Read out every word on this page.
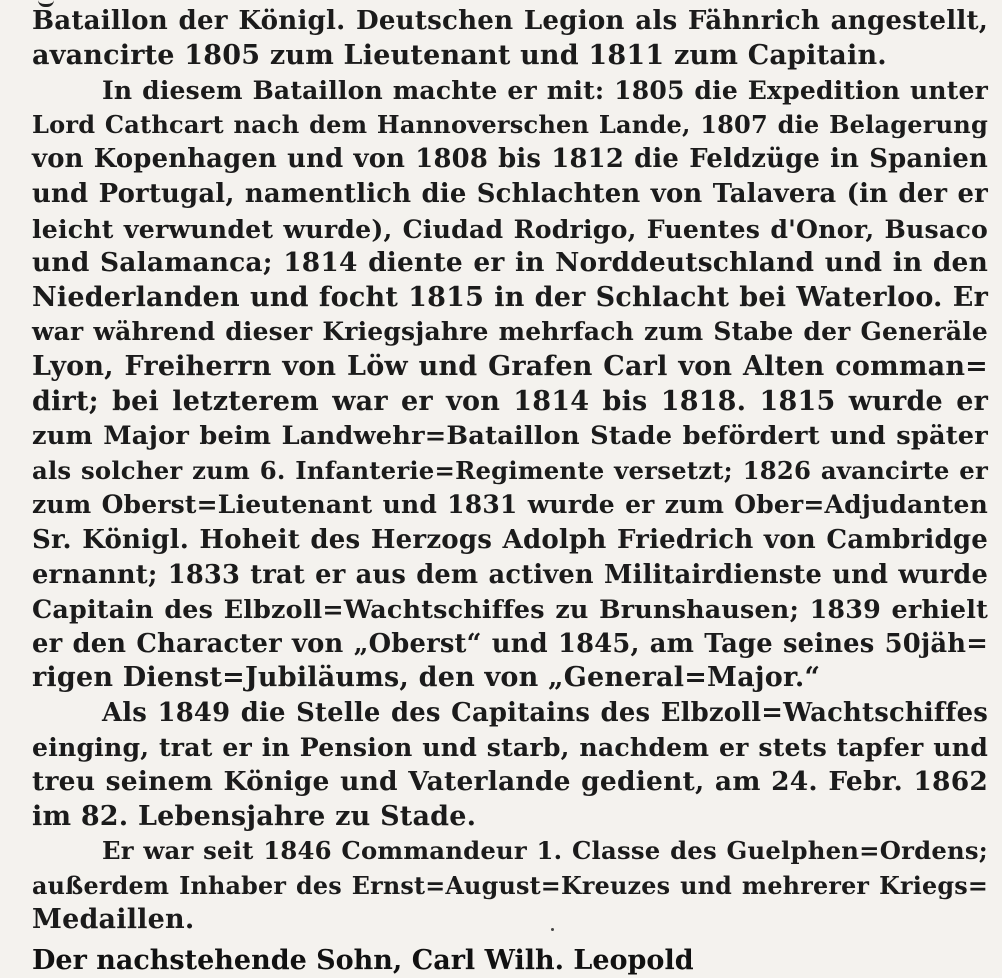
Bataillon der Königl. Deutschen Legion als Fähnrich angestellt,
avancirte 1805 zum Lieutenant und 1811 zum Capitain.
In diesem Bataillon machte er mit: 1805 die Expedition unter
Lord Cathcart nach dem Hannoverschen Lande, 1807 die Belagerung
von Kopenhagen und von 1808 bis 1812 die Feldzüge in Spanien
und Portugal, namentlich die Schlachten von Talavera (in der er
leicht verwundet wurde), Ciudad Rodrigo, Fuentes d'Onor, Busaco
und Salamanca; 1814 diente er in Norddeutschland und in den
Niederlanden und focht 1815 in der Schlacht bei Waterloo. Er
war während dieser Kriegsjahre mehrfach zum Stabe der Generäle
Lyon, Freiherrn von Löw und Grafen Carl von Alten comman=
dirt; bei letzterem war er von 1814 bis 1818. 1815 wurde er
zum Major beim Landwehr=Bataillon Stade befördert und später
als solcher zum 6. Infanterie=Regimente versetzt; 1826 avancirte er
zum Oberst=Lieutenant und 1831 wurde er zum Ober=Adjudanten
Sr. Königl. Hoheit des Herzogs Adolph Friedrich von Cambridge
ernannt; 1833 trat er aus dem activen Militairdienste und wurde
Capitain des Elbzoll=Wachtschiffes zu Brunshausen; 1839 erhielt
er den Character von „Oberst“ und 1845, am Tage seines 50jäh=
rigen Dienst=Jubiläums, den von „General=Major.“
Als 1849 die Stelle des Capitains des Elbzoll=Wachtschiffes
einging, trat er in Pension und starb, nachdem er stets tapfer und
treu seinem Könige und Vaterlande gedient, am 24. Febr. 1862
im 82. Lebensjahre zu Stade.
Er war seit 1846 Commandeur 1. Classe des Guelphen=Ordens;
außerdem Inhaber des Ernst=August=Kreuzes und mehrerer Kriegs=
Medaillen.
Der nachstehende Sohn, Carl Wilh. Leopold
